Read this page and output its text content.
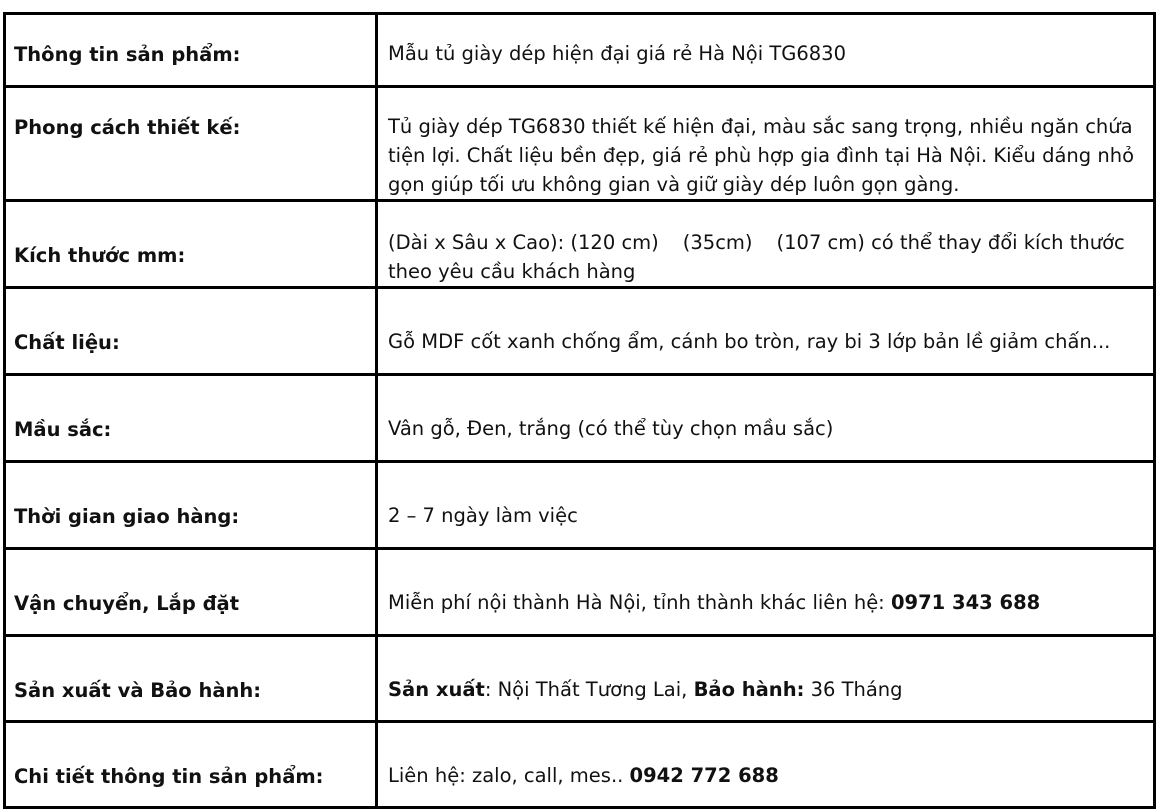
Thông tin sản phẩm:	Mẫu tủ giày dép hiện đại giá rẻ Hà Nội TG6830
Phong cách thiết kế:	Tủ giày dép TG6830 thiết kế hiện đại, màu sắc sang trọng, nhiều ngăn chứa tiện lợi. Chất liệu bền đẹp, giá rẻ phù hợp gia đình tại Hà Nội. Kiểu dáng nhỏ gọn giúp tối ưu không gian và giữ giày dép luôn gọn gàng.
Kích thước mm:	(Dài x Sâu x Cao): (120 cm) (35cm) (107 cm) có thể thay đổi kích thước theo yêu cầu khách hàng
Chất liệu:	Gỗ MDF cốt xanh chống ẩm, cánh bo tròn, ray bi 3 lớp bản lề giảm chấn...
Mầu sắc:	Vân gỗ, Đen, trắng (có thể tùy chọn mầu sắc)
Thời gian giao hàng:	2 – 7 ngày làm việc
Vận chuyển, Lắp đặt	Miễn phí nội thành Hà Nội, tỉnh thành khác liên hệ: 0971 343 688
Sản xuất và Bảo hành:	Sản xuất: Nội Thất Tương Lai, Bảo hành: 36 Tháng
Chi tiết thông tin sản phẩm:	Liên hệ: zalo, call, mes.. 0942 772 688
